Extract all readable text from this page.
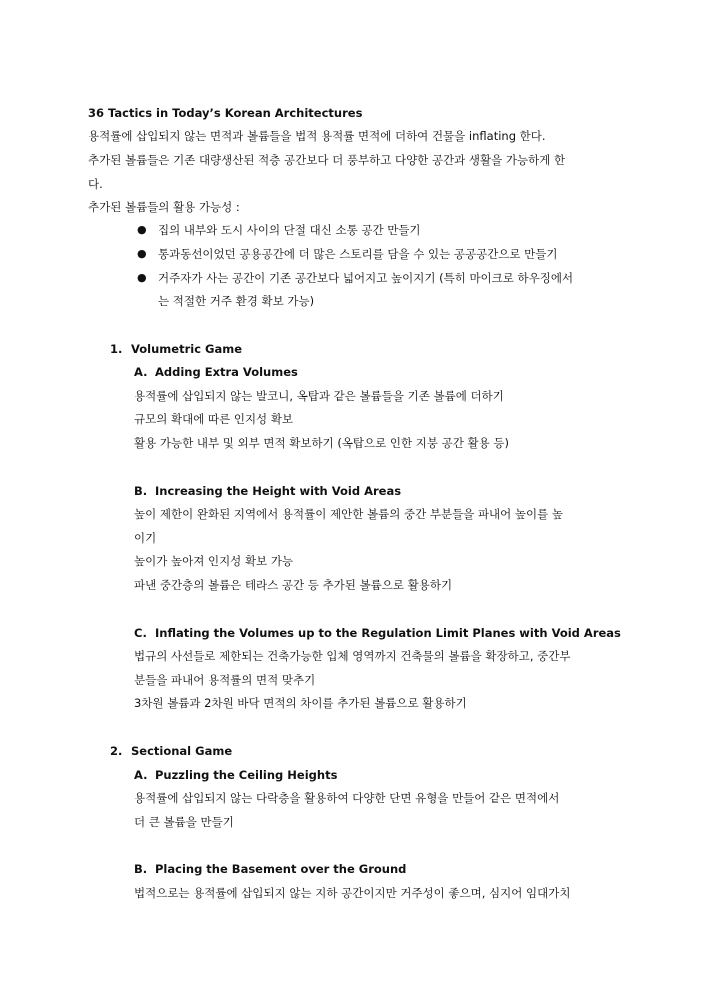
36 Tactics in Today’s Korean Architectures
용적률에 삽입되지 않는 면적과 볼륨들을 법적 용적률 면적에 더하여 건물을 inflating 한다.
추가된 볼륨들은 기존 대량생산된 적층 공간보다 더 풍부하고 다양한 공간과 생활을 가능하게 한
다.
추가된 볼륨들의 활용 가능성 :
● 집의 내부와 도시 사이의 단절 대신 소통 공간 만들기
● 통과동선이었던 공용공간에 더 많은 스토리를 담을 수 있는 공공공간으로 만들기
● 거주자가 사는 공간이 기존 공간보다 넓어지고 높이지기 (특히 마이크로 하우징에서
는 적절한 거주 환경 확보 가능)
1. Volumetric Game
A. Adding Extra Volumes
용적률에 삽입되지 않는 발코니, 옥탑과 같은 볼륨들을 기존 볼륨에 더하기
규모의 확대에 따른 인지성 확보
활용 가능한 내부 및 외부 면적 확보하기 (옥탑으로 인한 지붕 공간 활용 등)
B. Increasing the Height with Void Areas
높이 제한이 완화된 지역에서 용적률이 제안한 볼륨의 중간 부분들을 파내어 높이를 높
이기
높이가 높아져 인지성 확보 가능
파낸 중간층의 볼륨은 테라스 공간 등 추가된 볼륨으로 활용하기
C. Inflating the Volumes up to the Regulation Limit Planes with Void Areas
법규의 사선들로 제한되는 건축가능한 입체 영역까지 건축물의 볼륨을 확장하고, 중간부
분들을 파내어 용적률의 면적 맞추기
3차원 볼륨과 2차원 바닥 면적의 차이를 추가된 볼륨으로 활용하기
2. Sectional Game
A. Puzzling the Ceiling Heights
용적률에 삽입되지 않는 다락층을 활용하여 다양한 단면 유형을 만들어 같은 면적에서
더 큰 볼륨을 만들기
B. Placing the Basement over the Ground
법적으로는 용적률에 삽입되지 않는 지하 공간이지만 거주성이 좋으며, 심지어 임대가치
